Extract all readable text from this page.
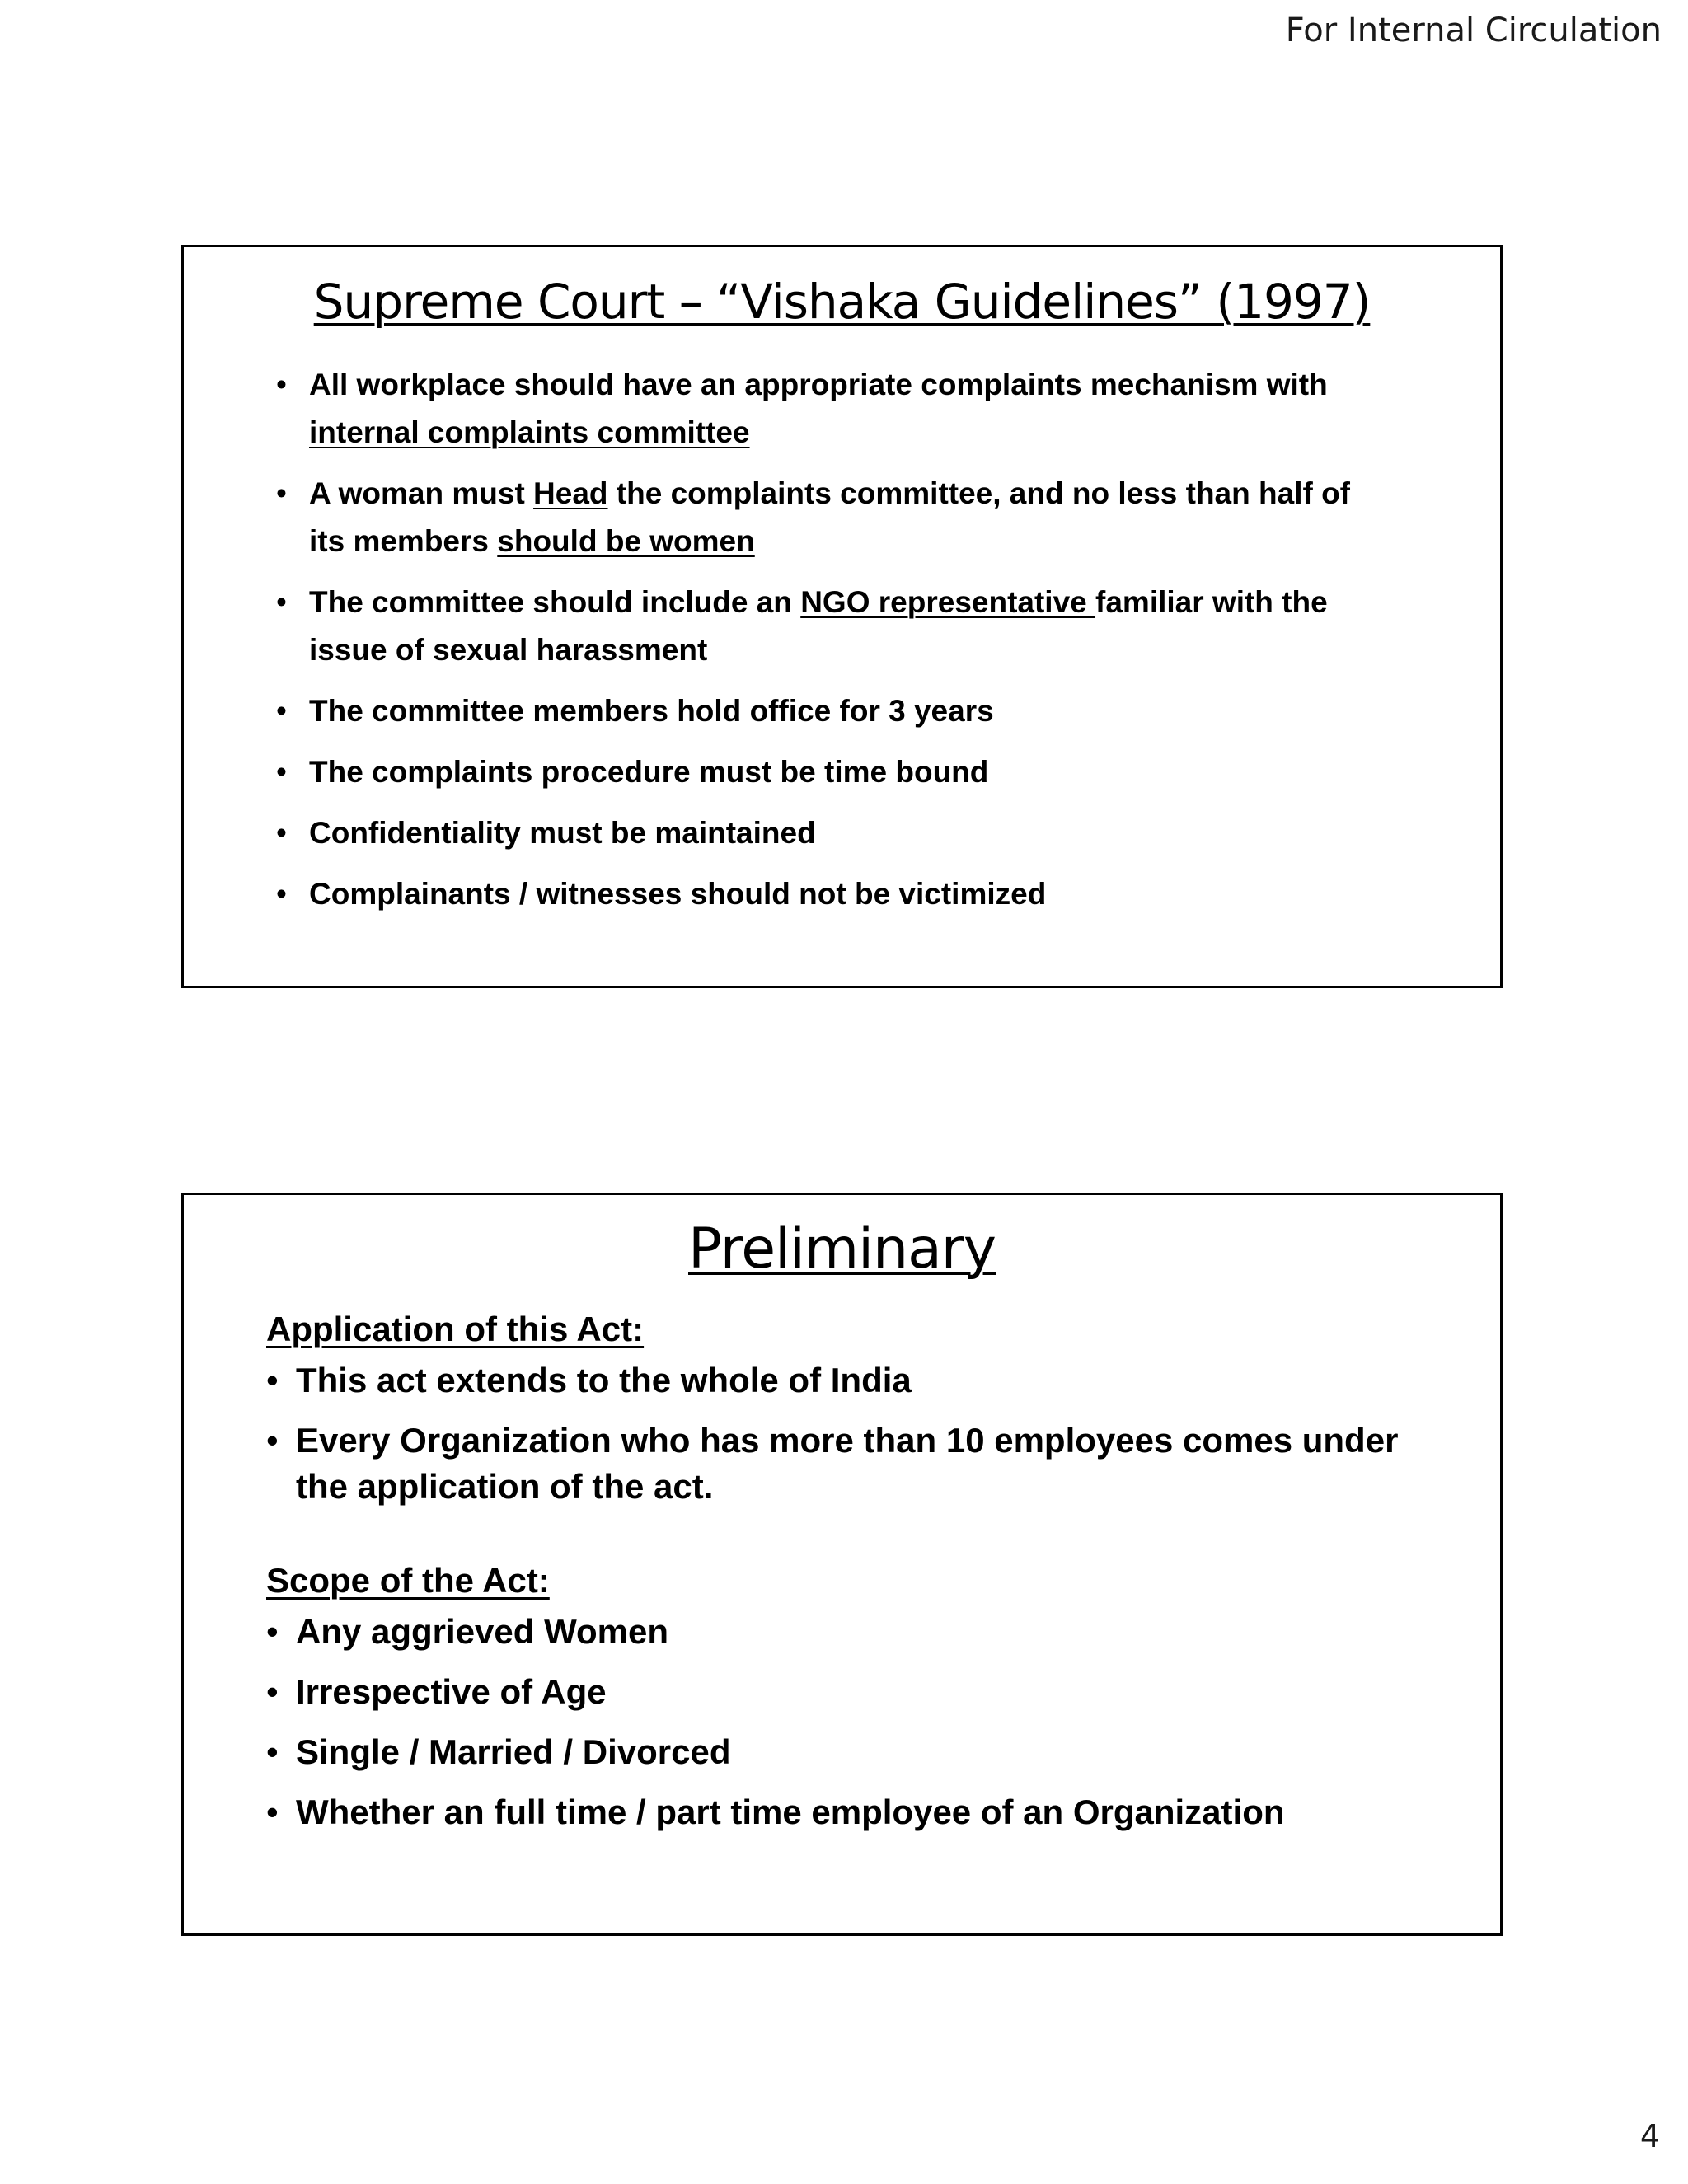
For Internal Circulation
Supreme Court – “Vishaka Guidelines” (1997)
• All workplace should have an appropriate complaints mechanism with internal complaints committee
• A woman must Head the complaints committee, and no less than half of its members should be women
• The committee should include an NGO representative familiar with the issue of sexual harassment
• The committee members hold office for 3 years
• The complaints procedure must be time bound
• Confidentiality must be maintained
• Complainants / witnesses should not be victimized
Preliminary
Application of this Act:
• This act extends to the whole of India
• Every Organization who has more than 10 employees comes under the application of the act.
Scope of the Act:
• Any aggrieved Women
• Irrespective of Age
• Single / Married / Divorced
• Whether an full time / part time employee of an Organization
4
